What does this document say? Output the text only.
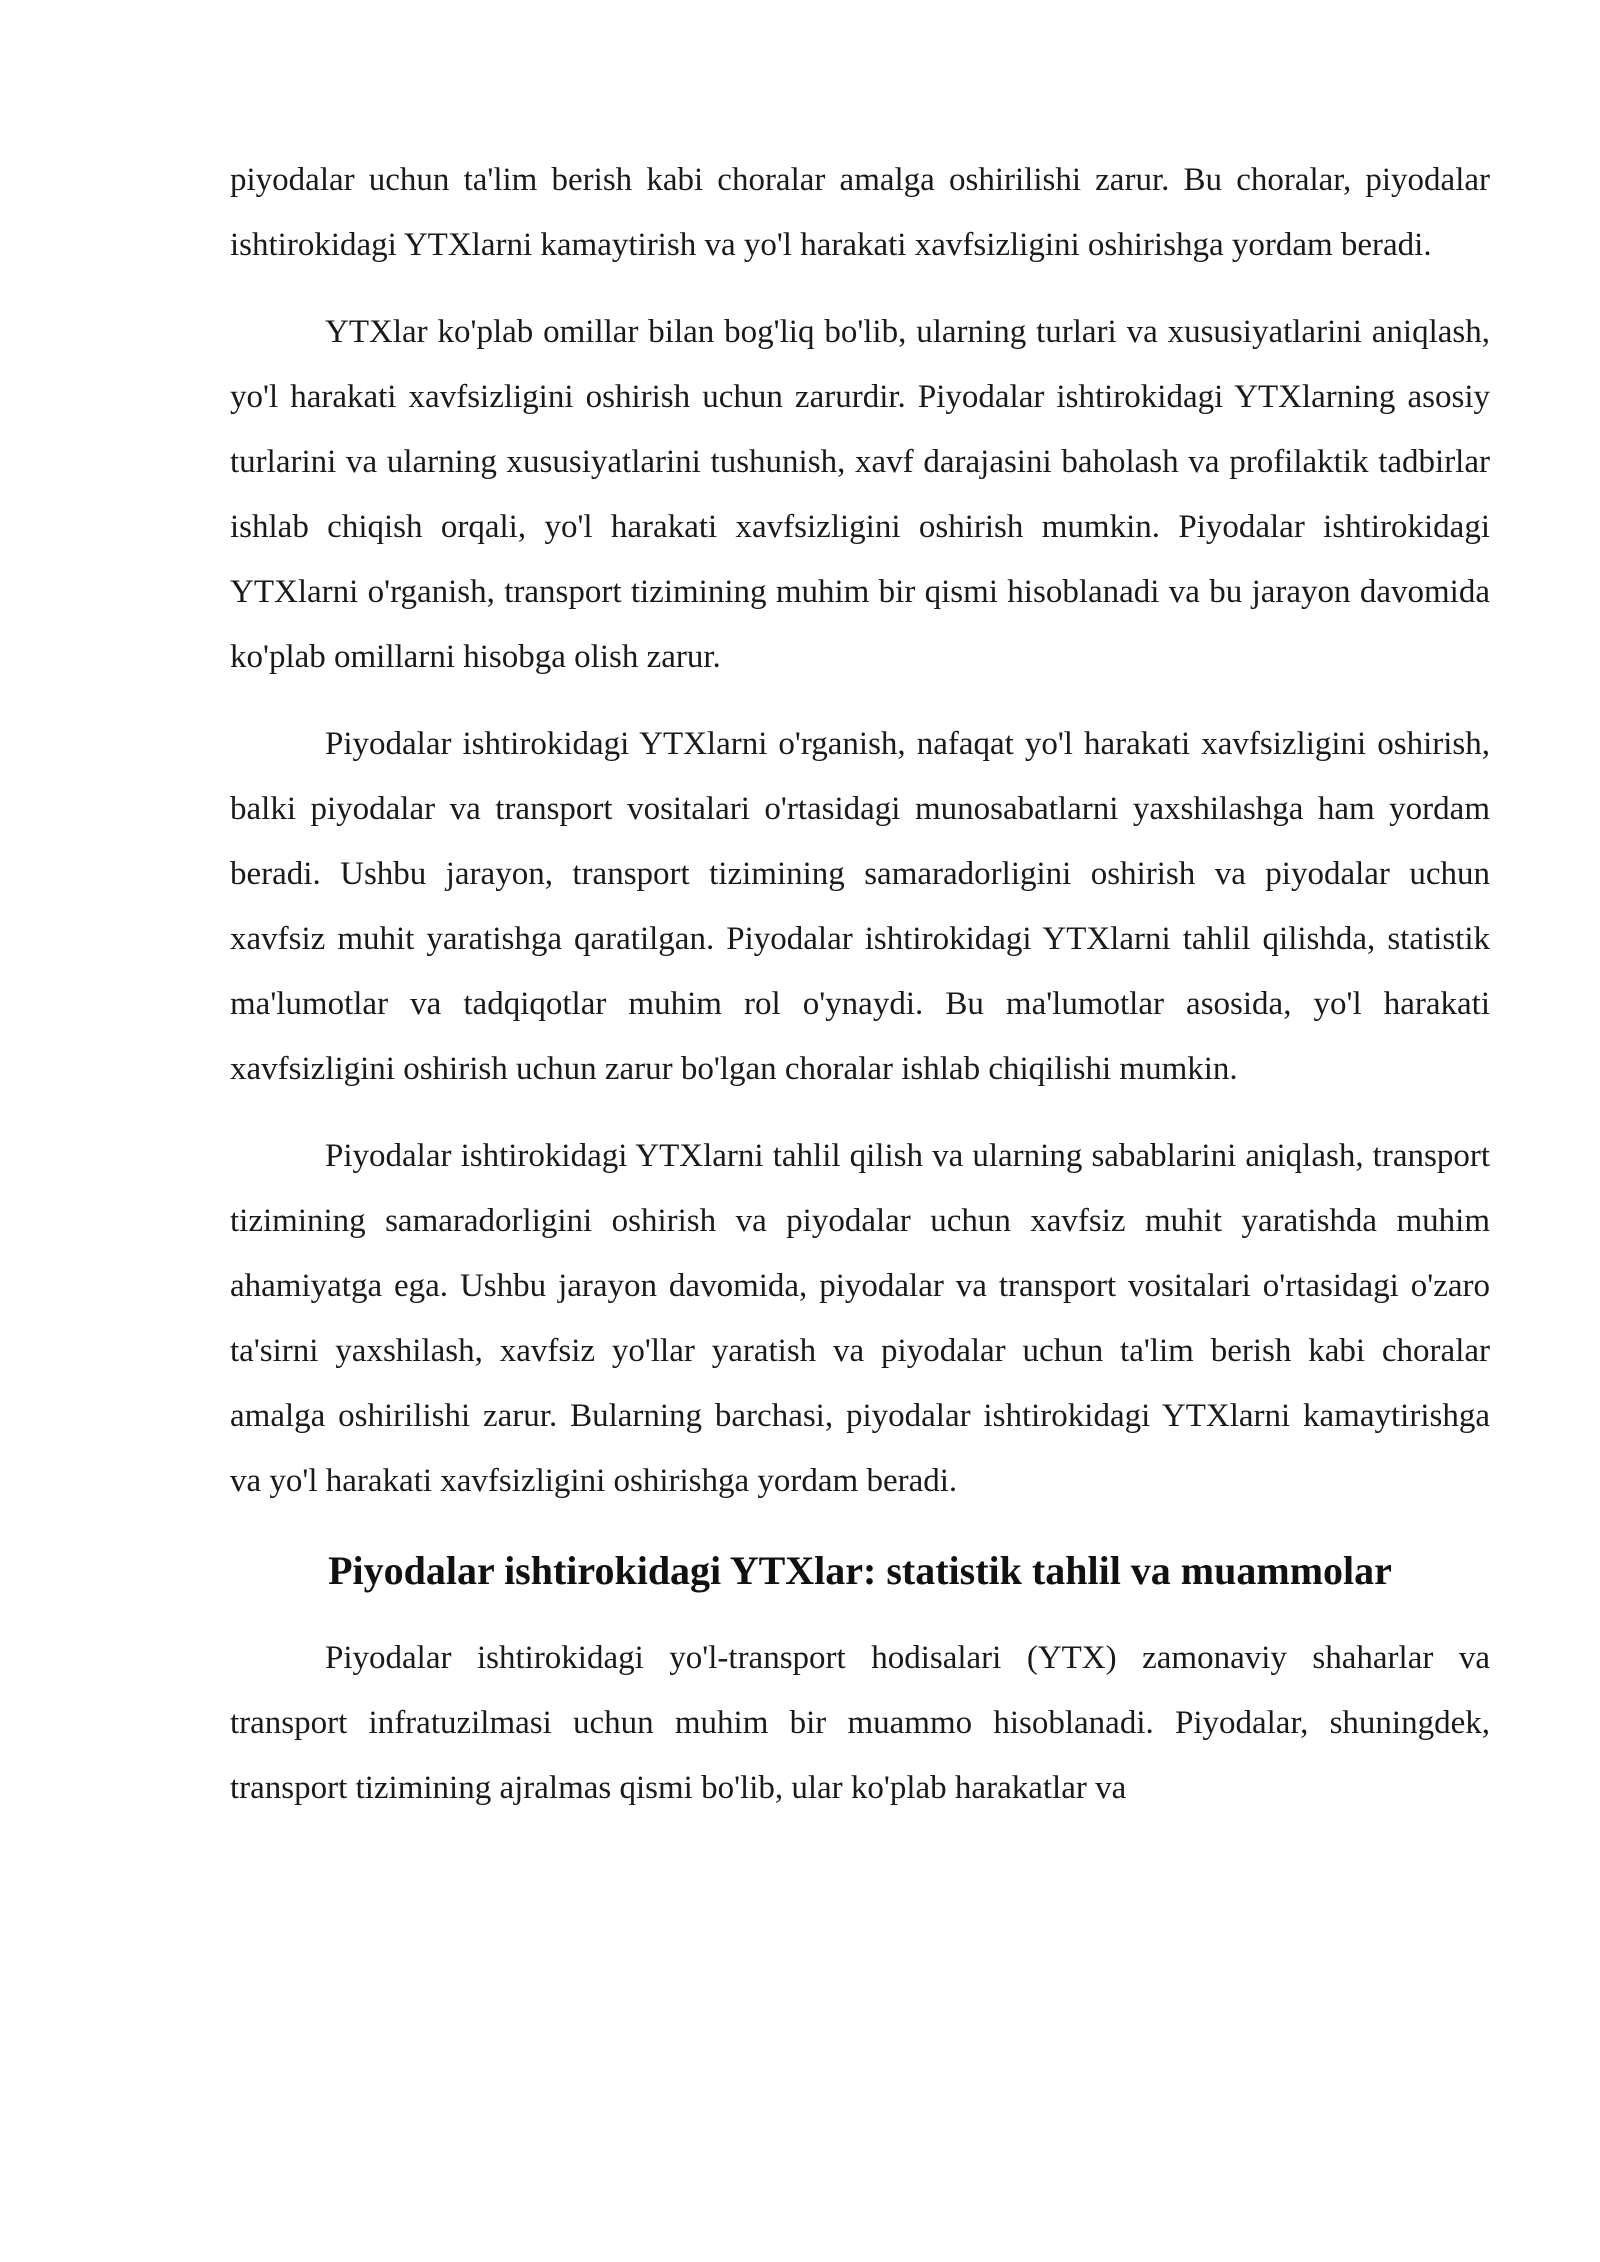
piyodalar uchun ta'lim berish kabi choralar amalga oshirilishi zarur. Bu choralar, piyodalar ishtirokidagi YTXlarni kamaytirish va yo'l harakati xavfsizligini oshirishga yordam beradi.

YTXlar ko'plab omillar bilan bog'liq bo'lib, ularning turlari va xususiyatlarini aniqlash, yo'l harakati xavfsizligini oshirish uchun zarurdir. Piyodalar ishtirokidagi YTXlarning asosiy turlarini va ularning xususiyatlarini tushunish, xavf darajasini baholash va profilaktik tadbirlar ishlab chiqish orqali, yo'l harakati xavfsizligini oshirish mumkin. Piyodalar ishtirokidagi YTXlarni o'rganish, transport tizimining muhim bir qismi hisoblanadi va bu jarayon davomida ko'plab omillarni hisobga olish zarur.

Piyodalar ishtirokidagi YTXlarni o'rganish, nafaqat yo'l harakati xavfsizligini oshirish, balki piyodalar va transport vositalari o'rtasidagi munosabatlarni yaxshilashga ham yordam beradi. Ushbu jarayon, transport tizimining samaradorligini oshirish va piyodalar uchun xavfsiz muhit yaratishga qaratilgan. Piyodalar ishtirokidagi YTXlarni tahlil qilishda, statistik ma'lumotlar va tadqiqotlar muhim rol o'ynaydi. Bu ma'lumotlar asosida, yo'l harakati xavfsizligini oshirish uchun zarur bo'lgan choralar ishlab chiqilishi mumkin.

Piyodalar ishtirokidagi YTXlarni tahlil qilish va ularning sabablarini aniqlash, transport tizimining samaradorligini oshirish va piyodalar uchun xavfsiz muhit yaratishda muhim ahamiyatga ega. Ushbu jarayon davomida, piyodalar va transport vositalari o'rtasidagi o'zaro ta'sirni yaxshilash, xavfsiz yo'llar yaratish va piyodalar uchun ta'lim berish kabi choralar amalga oshirilishi zarur. Bularning barchasi, piyodalar ishtirokidagi YTXlarni kamaytirishga va yo'l harakati xavfsizligini oshirishga yordam beradi.

Piyodalar ishtirokidagi YTXlar: statistik tahlil va muammolar

Piyodalar ishtirokidagi yo'l-transport hodisalari (YTX) zamonaviy shaharlar va transport infratuzilmasi uchun muhim bir muammo hisoblanadi. Piyodalar, shuningdek, transport tizimining ajralmas qismi bo'lib, ular ko'plab harakatlar va
